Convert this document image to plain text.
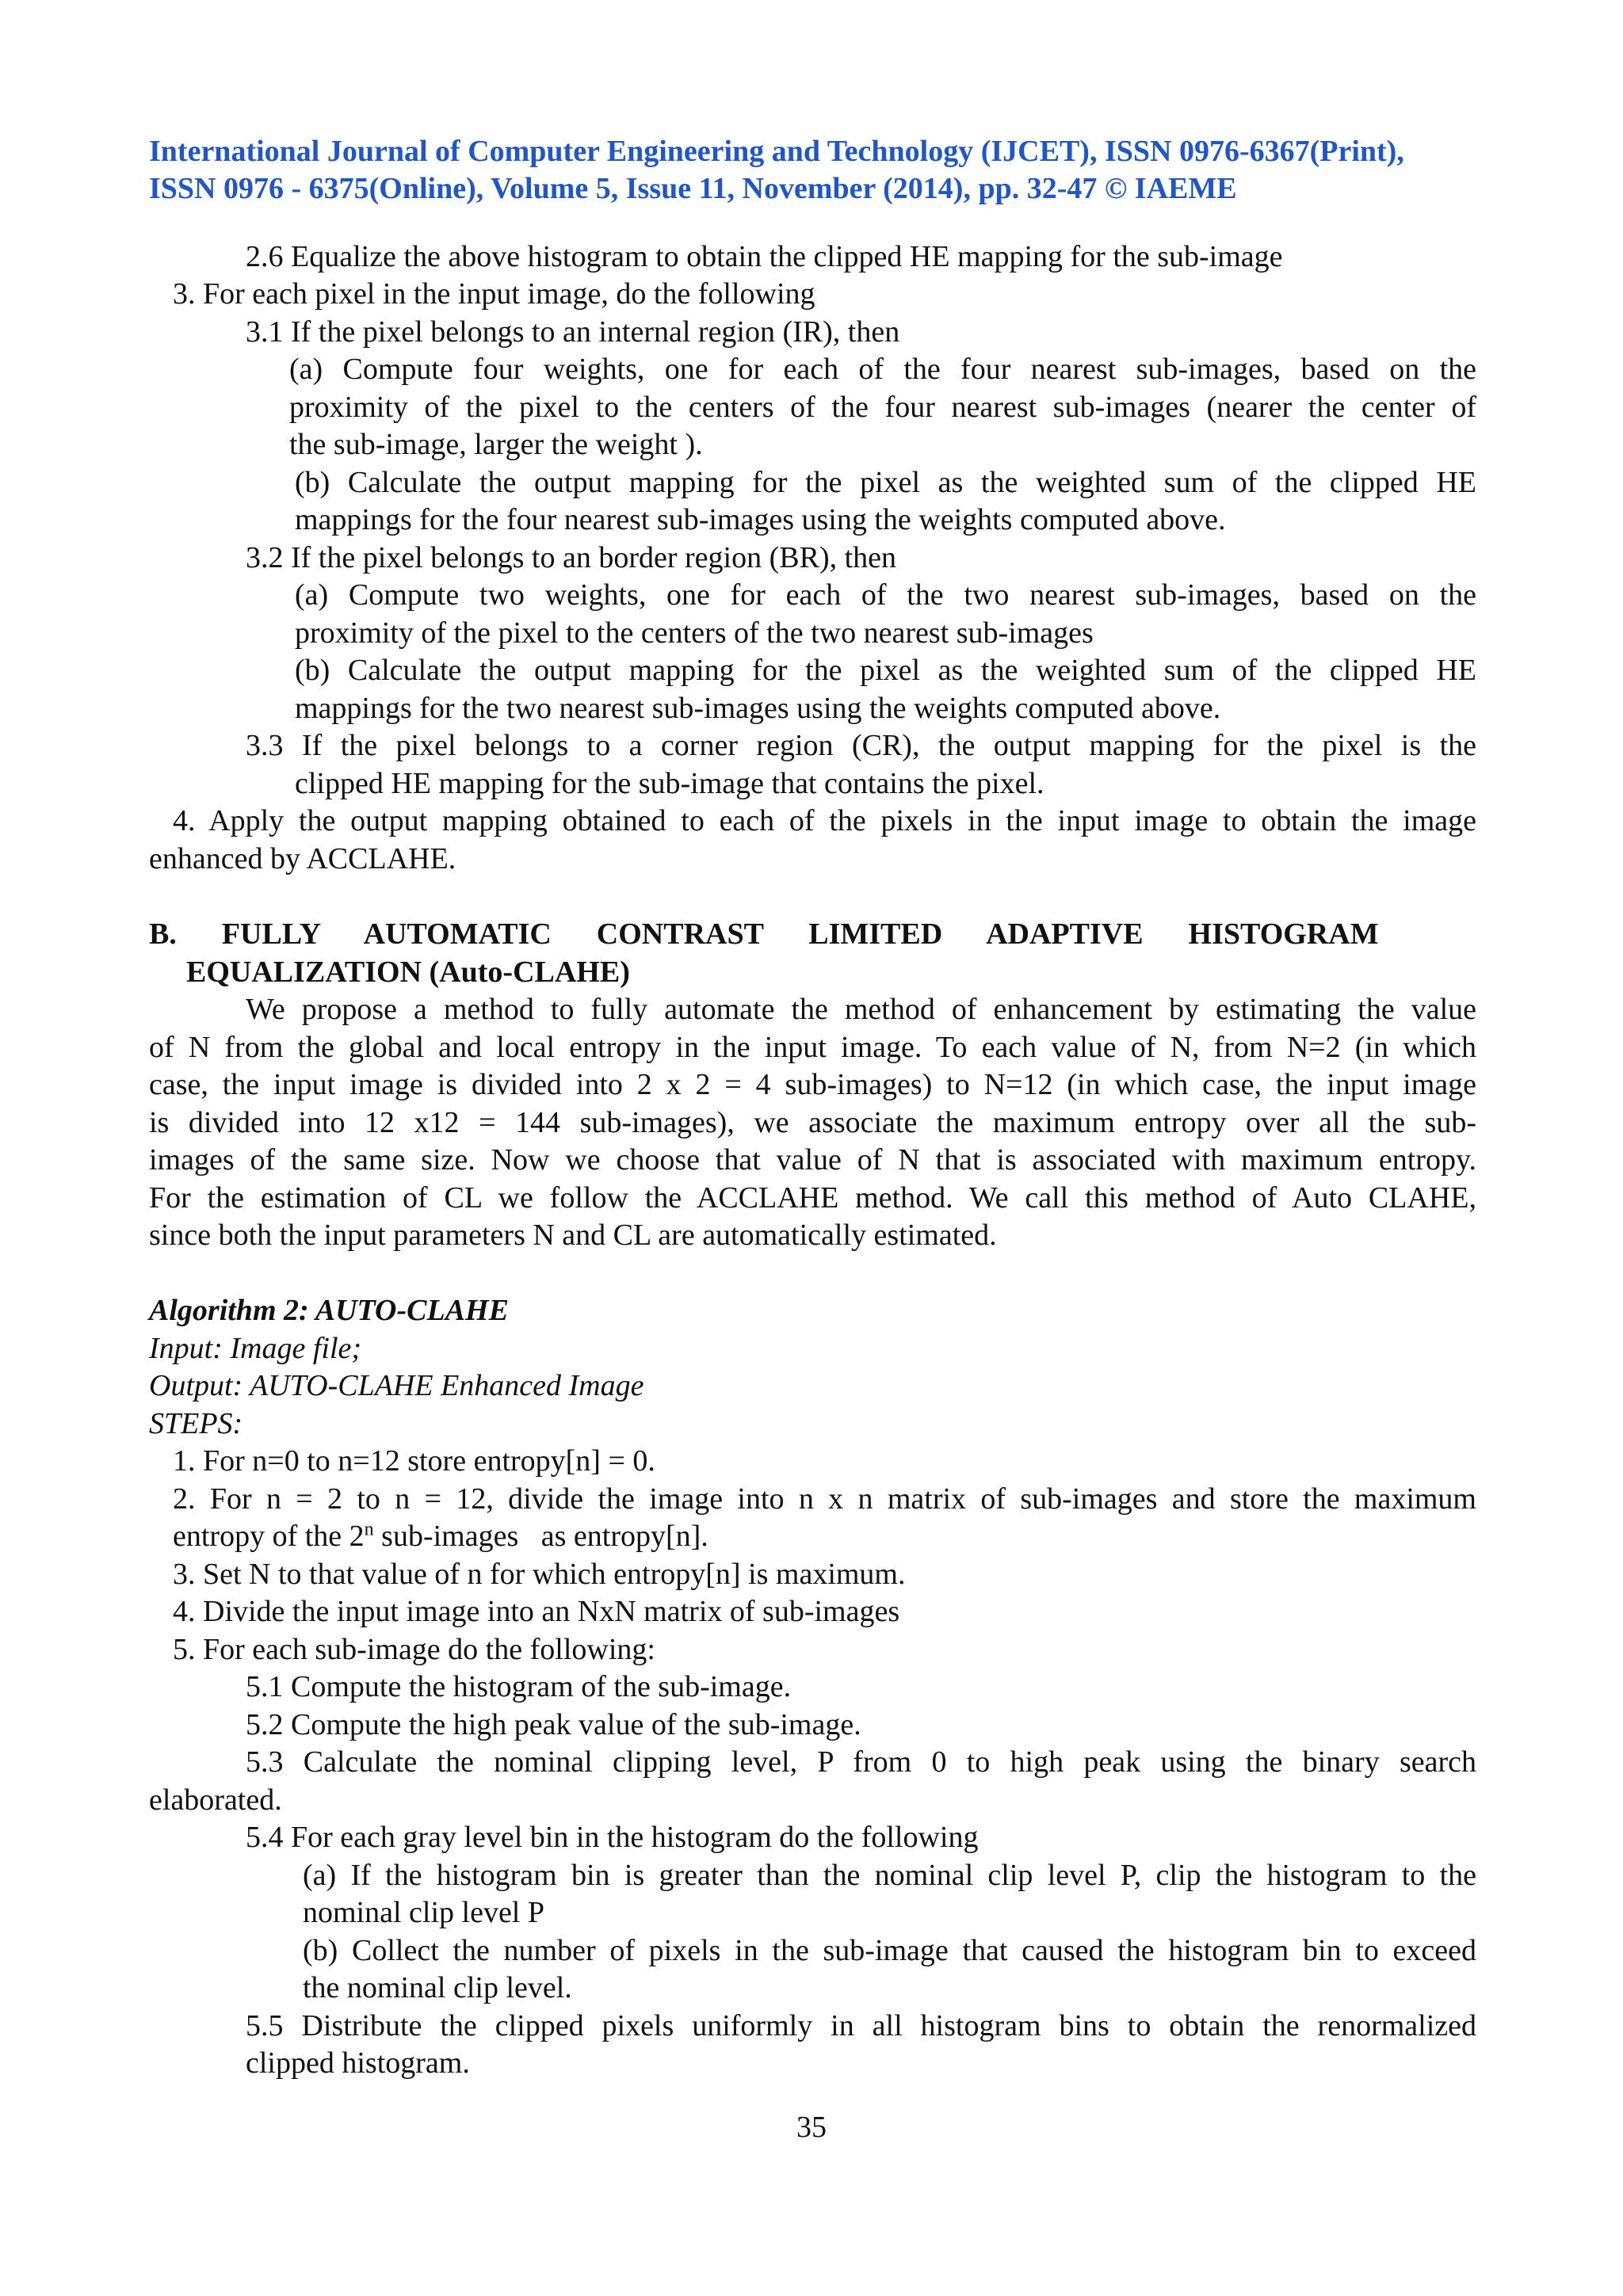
International Journal of Computer Engineering and Technology (IJCET), ISSN 0976-6367(Print),
ISSN 0976 - 6375(Online), Volume 5, Issue 11, November (2014), pp. 32-47 © IAEME
2.6 Equalize the above histogram to obtain the clipped HE mapping for the sub-image
3. For each pixel in the input image, do the following
3.1 If the pixel belongs to an internal region (IR), then
(a) Compute four weights, one for each of the four nearest sub-images, based on the
proximity of the pixel to the centers of the four nearest sub-images (nearer the center of
the sub-image, larger the weight ).
(b) Calculate the output mapping for the pixel as the weighted sum of the clipped HE
mappings for the four nearest sub-images using the weights computed above.
3.2 If the pixel belongs to an border region (BR), then
(a) Compute two weights, one for each of the two nearest sub-images, based on the
proximity of the pixel to the centers of the two nearest sub-images
(b) Calculate the output mapping for the pixel as the weighted sum of the clipped HE
mappings for the two nearest sub-images using the weights computed above.
3.3 If the pixel belongs to a corner region (CR), the output mapping for the pixel is the
clipped HE mapping for the sub-image that contains the pixel.
4. Apply the output mapping obtained to each of the pixels in the input image to obtain the image
enhanced by ACCLAHE.
B.      FULLY      AUTOMATIC      CONTRAST      LIMITED      ADAPTIVE      HISTOGRAM
EQUALIZATION (Auto-CLAHE)
We propose a method to fully automate the method of enhancement by estimating the value
of N from the global and local entropy in the input image. To each value of N, from N=2 (in which
case, the input image is divided into 2 x 2 = 4 sub-images) to N=12 (in which case, the input image
is divided into 12 x12 = 144 sub-images), we associate the maximum entropy over all the sub-
images of the same size. Now we choose that value of N that is associated with maximum entropy.
For the estimation of CL we follow the ACCLAHE method. We call this method of Auto CLAHE,
since both the input parameters N and CL are automatically estimated.
Algorithm 2: AUTO-CLAHE
Input: Image file;
Output: AUTO-CLAHE Enhanced Image
STEPS:
1. For n=0 to n=12 store entropy[n] = 0.
2. For n = 2 to n = 12, divide the image into n x n matrix of sub-images and store the maximum
entropy of the 2$^n$ sub-images   as entropy[n].
3. Set N to that value of n for which entropy[n] is maximum.
4. Divide the input image into an NxN matrix of sub-images
5. For each sub-image do the following:
5.1 Compute the histogram of the sub-image.
5.2 Compute the high peak value of the sub-image.
5.3 Calculate the nominal clipping level, P from 0 to high peak using the binary search
elaborated.
5.4 For each gray level bin in the histogram do the following
(a) If the histogram bin is greater than the nominal clip level P, clip the histogram to the
nominal clip level P
(b) Collect the number of pixels in the sub-image that caused the histogram bin to exceed
the nominal clip level.
5.5 Distribute the clipped pixels uniformly in all histogram bins to obtain the renormalized
clipped histogram.
35
